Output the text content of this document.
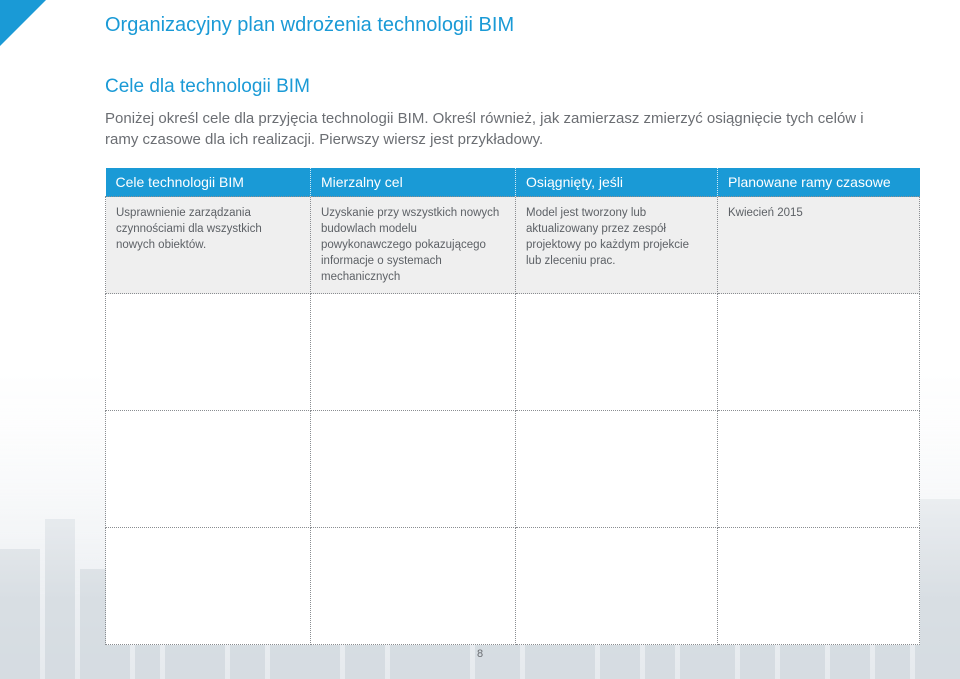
Organizacyjny plan wdrożenia technologii BIM
Cele dla technologii BIM

Poniżej określ cele dla przyjęcia technologii BIM. Określ również, jak zamierzasz zmierzyć osiągnięcie tych celów i ramy czasowe dla ich realizacji. Pierwszy wiersz jest przykładowy.

Cele technologii BIM	Mierzalny cel	Osiągnięty, jeśli	Planowane ramy czasowe
Usprawnienie zarządzania czynnościami dla wszystkich nowych obiektów.	Uzyskanie przy wszystkich nowych budowlach modelu powykonawczego pokazującego informacje o systemach mechanicznych	Model jest tworzony lub aktualizowany przez zespół projektowy po każdym projekcie lub zleceniu prac.	Kwiecień 2015

8
